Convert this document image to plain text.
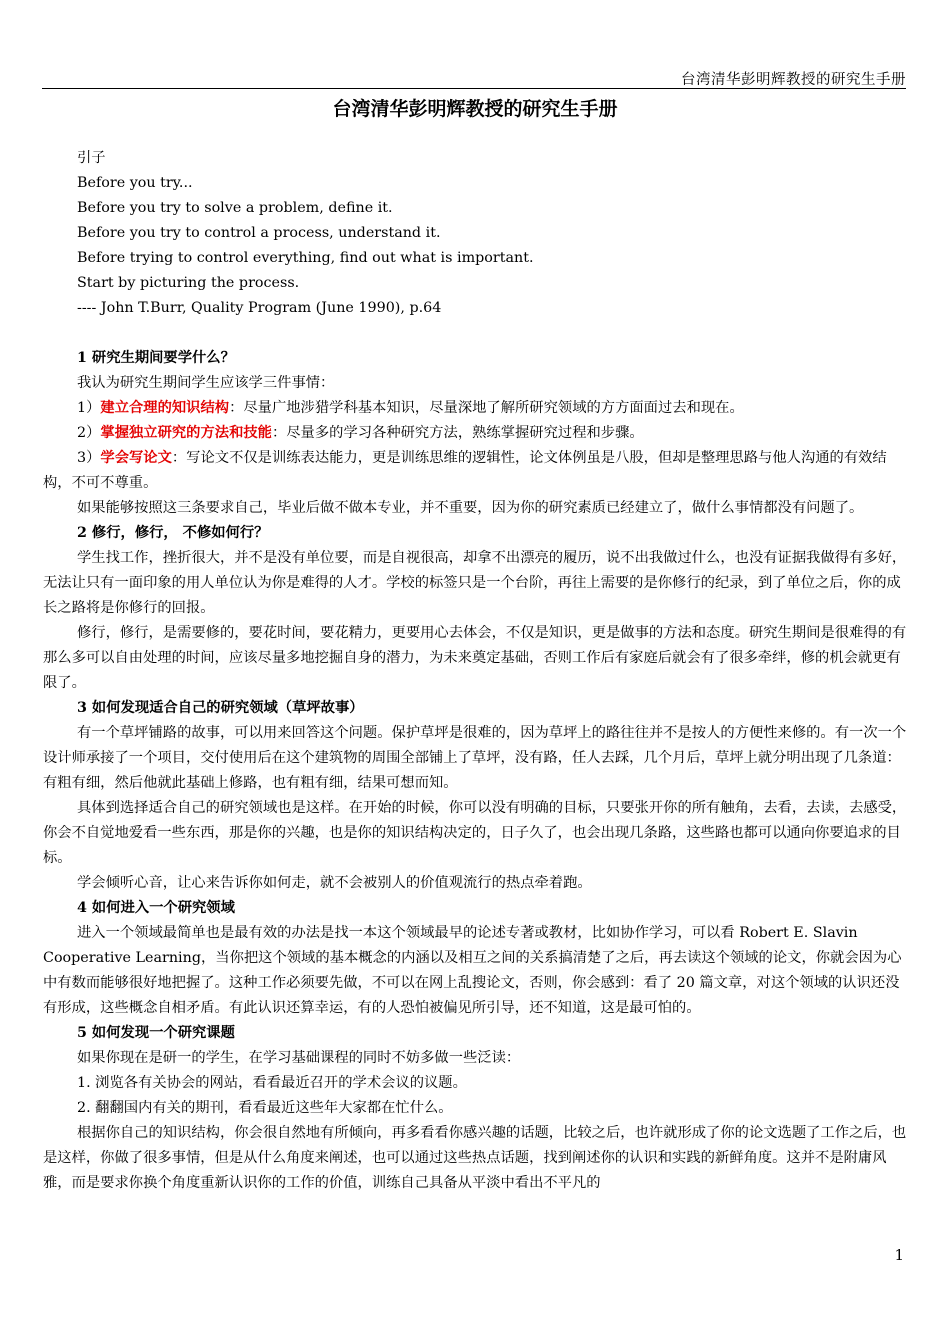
台湾清华彭明辉教授的研究生手册
台湾清华彭明辉教授的研究生手册

引子

Before you try...

Before you try to solve a problem, define it.

Before you try to control a process, understand it.

Before trying to control everything, find out what is important.

Start by picturing the process.

---- John T.Burr, Quality Program (June 1990), p.64

1 研究生期间要学什么？

我认为研究生期间学生应该学三件事情：

1）建立合理的知识结构：尽量广地涉猎学科基本知识，尽量深地了解所研究领域的方方面面过去和现在。

2）掌握独立研究的方法和技能：尽量多的学习各种研究方法，熟练掌握研究过程和步骤。

3）学会写论文：写论文不仅是训练表达能力，更是训练思维的逻辑性，论文体例虽是八股，但却是整理思路与他人沟通的有效结构，不可不尊重。

如果能够按照这三条要求自己，毕业后做不做本专业，并不重要，因为你的研究素质已经建立了，做什么事情都没有问题了。

2 修行，修行， 不修如何行？

学生找工作，挫折很大，并不是没有单位要，而是自视很高，却拿不出漂亮的履历，说不出我做过什么，也没有证据我做得有多好，无法让只有一面印象的用人单位认为你是难得的人才。学校的标签只是一个台阶，再往上需要的是你修行的纪录，到了单位之后，你的成长之路将是你修行的回报。

修行，修行，是需要修的，要花时间，要花精力，更要用心去体会，不仅是知识，更是做事的方法和态度。研究生期间是很难得的有那么多可以自由处理的时间，应该尽量多地挖掘自身的潜力，为未来奠定基础，否则工作后有家庭后就会有了很多牵绊，修的机会就更有限了。

3 如何发现适合自己的研究领域（草坪故事）

有一个草坪铺路的故事，可以用来回答这个问题。保护草坪是很难的，因为草坪上的路往往并不是按人的方便性来修的。有一次一个设计师承接了一个项目，交付使用后在这个建筑物的周围全部铺上了草坪，没有路，任人去踩，几个月后，草坪上就分明出现了几条道：有粗有细，然后他就此基础上修路，也有粗有细，结果可想而知。

具体到选择适合自己的研究领域也是这样。在开始的时候，你可以没有明确的目标，只要张开你的所有触角，去看，去读，去感受，你会不自觉地爱看一些东西，那是你的兴趣，也是你的知识结构决定的，日子久了，也会出现几条路，这些路也都可以通向你要追求的目标。

学会倾听心音，让心来告诉你如何走，就不会被别人的价值观流行的热点牵着跑。

4 如何进入一个研究领域

进入一个领域最简单也是最有效的办法是找一本这个领域最早的论述专著或教材，比如协作学习，可以看 Robert E. Slavin Cooperative Learning，当你把这个领域的基本概念的内涵以及相互之间的关系搞清楚了之后，再去读这个领域的论文，你就会因为心中有数而能够很好地把握了。这种工作必须要先做，不可以在网上乱搜论文，否则，你会感到：看了 20 篇文章，对这个领域的认识还没有形成，这些概念自相矛盾。有此认识还算幸运，有的人恐怕被偏见所引导，还不知道，这是最可怕的。

5 如何发现一个研究课题

如果你现在是研一的学生，在学习基础课程的同时不妨多做一些泛读：

1. 浏览各有关协会的网站，看看最近召开的学术会议的议题。

2. 翻翻国内有关的期刊，看看最近这些年大家都在忙什么。

根据你自己的知识结构，你会很自然地有所倾向，再多看看你感兴趣的话题，比较之后，也许就形成了你的论文选题了工作之后，也是这样，你做了很多事情，但是从什么角度来阐述，也可以通过这些热点话题，找到阐述你的认识和实践的新鲜角度。这并不是附庸风雅，而是要求你换个角度重新认识你的工作的价值，训练自己具备从平淡中看出不平凡的

1
